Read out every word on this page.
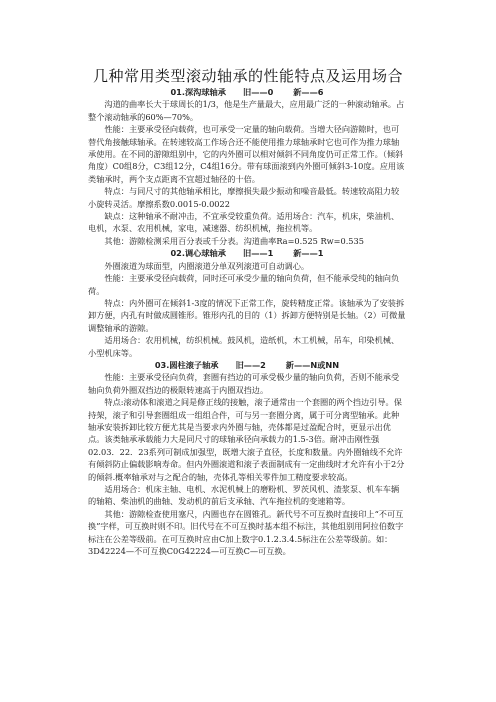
几种常用类型滚动轴承的性能特点及运用场合

01.深沟球轴承      旧——0       新——6

沟道的曲率长大于球周长的1/3，他是生产量最大，应用最广泛的一种滚动轴承。占整个滚动轴承的60%—70%。

性能：主要承受径向载荷，也可承受一定量的轴向载荷。当增大径向游隙时，也可替代角接触球轴承。在转速较高工作场合还不能使用推力球轴承时它也可作为推力球轴承使用。在不同的游隙组别中，它的内外圈可以相对倾斜不同角度仍可正常工作。（倾斜角度）C0组8分，C3组12分，C4组16分。带有球面滚到内外圈可倾斜3-10度。应用该类轴承时，两个支点距离不宜超过轴径的十倍。

特点：与同尺寸的其他轴承相比，摩擦损失最少振动和噪音最低。转速较高阻力较小旋转灵活。摩擦系数0.0015-0.0022

缺点：这种轴承不耐冲击，不宜承受较重负荷。适用场合：汽车，机床，柴油机、电机，水泵、农用机械，家电，减速器、纺织机械，拖拉机等。

其他：游隙检测采用百分表或千分表。沟道曲率Ra=0.525 Rw=0.535

02.调心球轴承      旧——1       新——1

外圈滚道为球面型，内圈滚道分单双列滚道可自动调心。

性能：主要承受径向载荷，同时还可承受少量的轴向负荷，但不能承受纯的轴向负荷。

特点：内外圈可在倾斜1-3度的情况下正常工作，旋转精度正常。该轴承为了安装拆卸方便，内孔有时做成圆锥形。锥形内孔的目的（1）拆卸方便特别是长轴。（2）可微量调整轴承的游隙。

适用场合：农用机械，纺织机械。鼓风机，造纸机，木工机械，吊车，印染机械、小型机床等。

03.圆柱滚子轴承      旧——2       新——N或NN

性能：主要承受径向负荷，套圈有挡边的可承受极少量的轴向负荷，否则不能承受轴向负荷外圈双挡边的极限转速高于内圈双挡边。

特点:滚动体和滚道之间是修正线的接触，滚子通常由一个套圈的两个挡边引导。保持架，滚子和引导套圈组成一组组合件，可与另一套圈分离，属于可分离型轴承。此种轴承安装拆卸比较方便尤其是当要求内外圈与轴，壳体都是过盈配合时，更显示出优点。该类轴承承载能力大是同尺寸的球轴承径向承载力的1.5-3倍。耐冲击刚性强02.03．22．23系列可制成加强型，既增大滚子直径，长度和数量。内外圈轴线不允许有倾斜防止偏载影响寿命。但内外圈滚道和滚子表面制成有一定曲线时才允许有小于2分的倾斜.概率轴承对与之配合的轴，壳体孔等相关零件加工精度要求较高。

适用场合：机床主轴、电机、水泥机械上的磨粉机、罗茨风机、渣浆泵、机车车辆的轴箱、柴油机的曲轴、发动机的前后支承轴、汽车拖拉机的变速箱等。

其他：游隙检查使用塞尺，内圈也存在圆锥孔。新代号不可互换时直接印上“不可互换”字样，可互换时则不印。旧代号在不可互换时基本组不标注，其他组别用阿拉伯数字标注在公差等级前。在可互换时应由C加上数字0.1.2.3.4.5标注在公差等级前。如：3D42224—不可互换C0G42224—可互换C—可互换。
